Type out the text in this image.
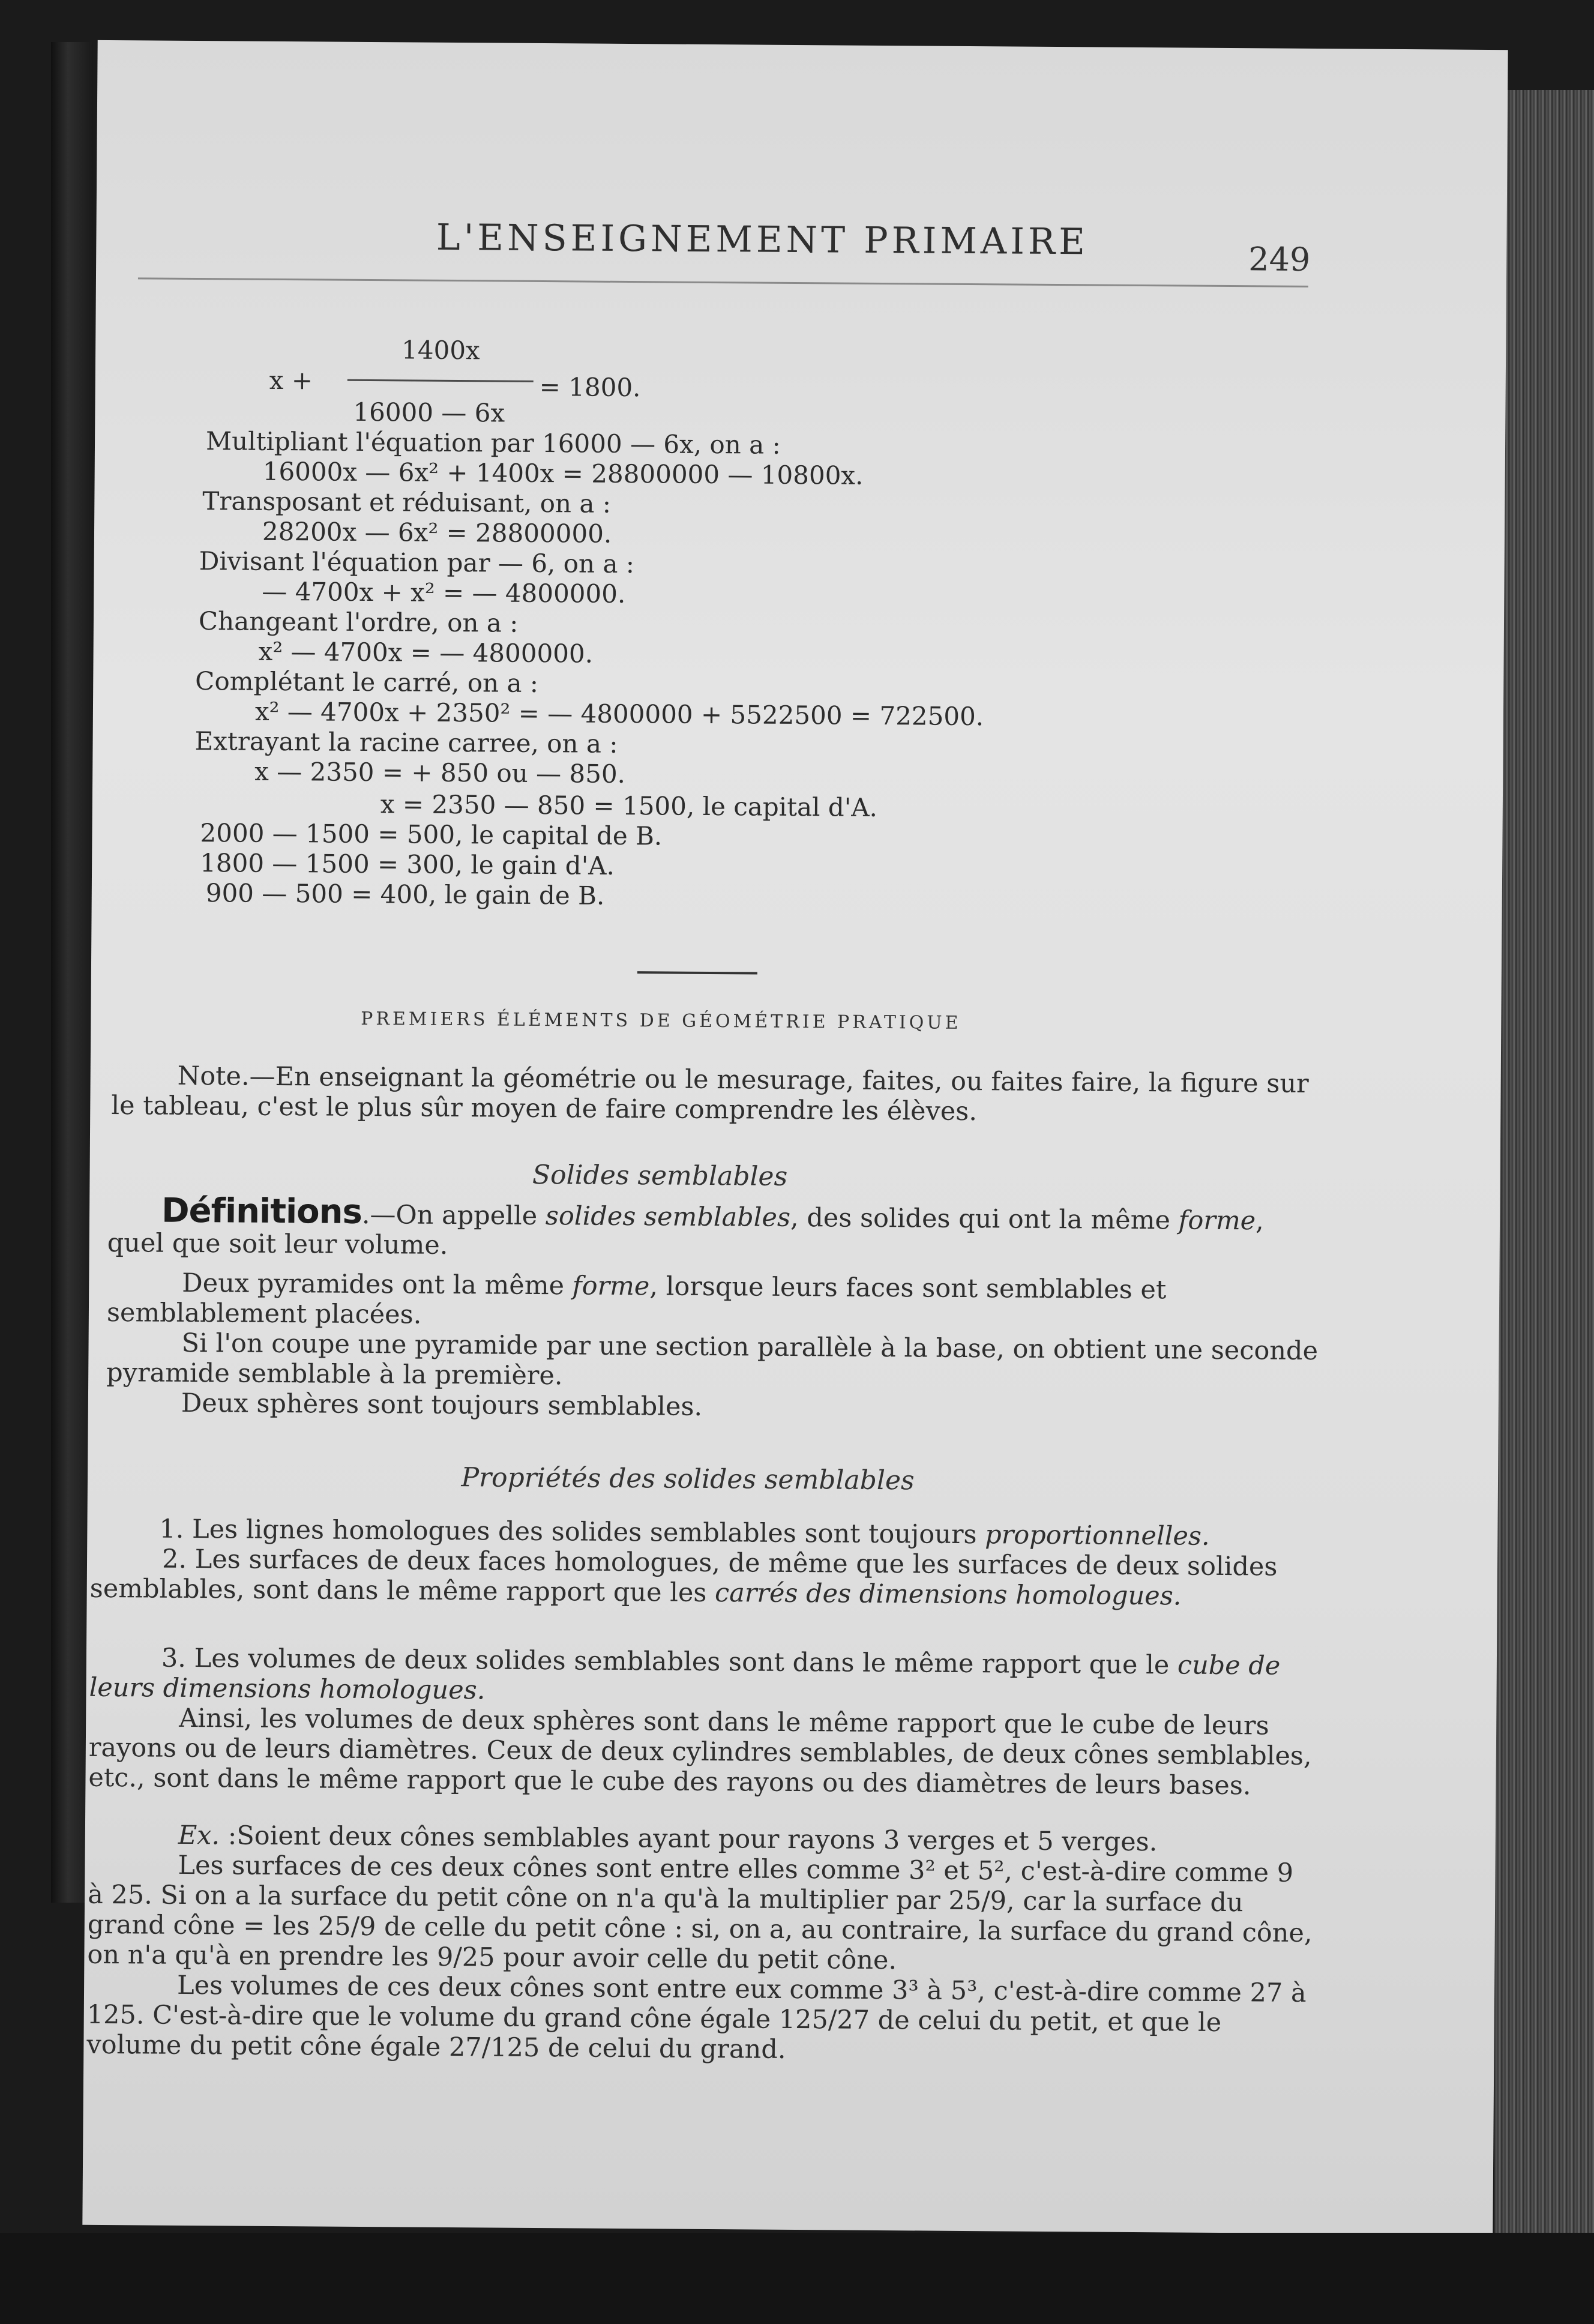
L'ENSEIGNEMENT PRIMAIRE	249
1400x
x +	= 1800.
16000 — 6x
Multipliant l'équation par 16000 — 6x, on a :
16000x — 6x² + 1400x = 28800000 — 10800x.
Transposant et réduisant, on a :
28200x — 6x² = 28800000.
Divisant l'équation par — 6, on a :
— 4700x + x² = — 4800000.
Changeant l'ordre, on a :
x² — 4700x = — 4800000.
Complétant le carré, on a :
x² — 4700x + 2350² = — 4800000 + 5522500 = 722500.
Extrayant la racine carree, on a :
x — 2350 = + 850 ou — 850.
x = 2350 — 850 = 1500, le capital d'A.
2000 — 1500 = 500, le capital de B.
1800 — 1500 = 300, le gain d'A.
900 — 500 = 400, le gain de B.
PREMIERS ÉLÉMENTS DE GÉOMÉTRIE PRATIQUE
Note.—En enseignant la géométrie ou le mesurage, faites, ou faites faire, la figure sur le tableau, c'est le plus sûr moyen de faire comprendre les élèves.
Solides semblables
Définitions.—On appelle solides semblables, des solides qui ont la même forme, quel que soit leur volume.
Deux pyramides ont la même forme, lorsque leurs faces sont semblables et semblablement placées.
Si l'on coupe une pyramide par une section parallèle à la base, on obtient une seconde pyramide semblable à la première.
Deux sphères sont toujours semblables.
Propriétés des solides semblables
1. Les lignes homologues des solides semblables sont toujours proportionnelles.
2. Les surfaces de deux faces homologues, de même que les surfaces de deux solides semblables, sont dans le même rapport que les carrés des dimensions homologues.
3. Les volumes de deux solides semblables sont dans le même rapport que le cube de leurs dimensions homologues.
Ainsi, les volumes de deux sphères sont dans le même rapport que le cube de leurs rayons ou de leurs diamètres. Ceux de deux cylindres semblables, de deux cônes semblables, etc., sont dans le même rapport que le cube des rayons ou des diamètres de leurs bases.
Ex. :Soient deux cônes semblables ayant pour rayons 3 verges et 5 verges.
Les surfaces de ces deux cônes sont entre elles comme 3² et 5², c'est-à-dire comme 9 à 25. Si on a la surface du petit cône on n'a qu'à la multiplier par 25/9, car la surface du grand cône = les 25/9 de celle du petit cône : si, on a, au contraire, la surface du grand cône, on n'a qu'à en prendre les 9/25 pour avoir celle du petit cône.
Les volumes de ces deux cônes sont entre eux comme 3³ à 5³, c'est-à-dire comme 27 à 125. C'est-à-dire que le volume du grand cône égale 125/27 de celui du petit, et que le volume du petit cône égale 27/125 de celui du grand.
